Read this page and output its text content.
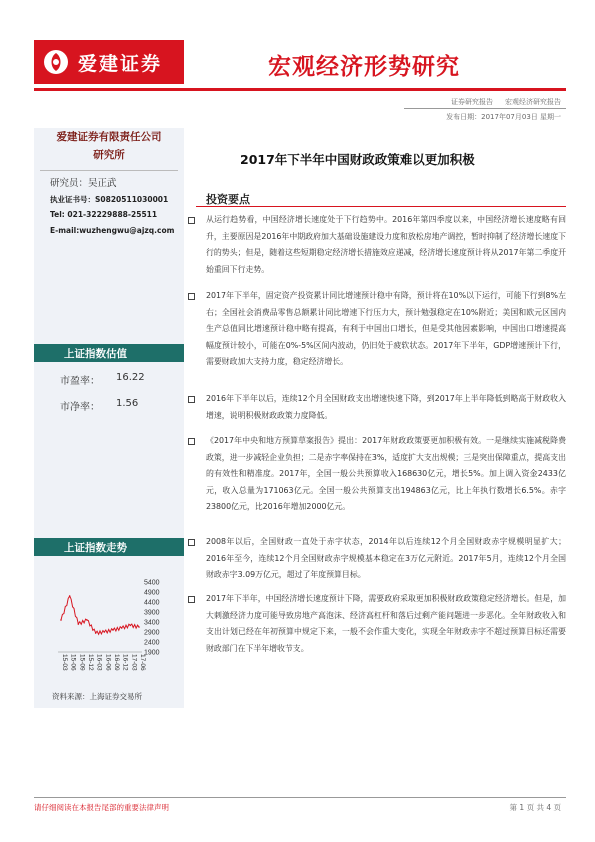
爱建证券	宏观经济形势研究
证券研究报告 宏观经济研究报告
发布日期：2017年07月03日 星期一
爱建证券有限责任公司
研究所
研究员：吴正武
执业证书号：S0820511030001
Tel: 021-32229888-25511
E-mail:wuzhengwu@ajzq.com
上证指数估值
市盈率： 16.22
市净率： 1.56
上证指数走势
1900
2400
2900
3400
3900
4400
4900
5400
15-03 15-06 15-09 15-12 16-03 16-06 16-09 16-12 17-03 17-06
资料来源：上海证券交易所
2017年下半年中国财政政策难以更加积极
投资要点
从运行趋势看，中国经济增长速度处于下行趋势中。2016年第四季度以来，中国经济增长速度略有回升，主要原因是2016年中期政府加大基础设施建设力度和放松房地产调控，暂时抑制了经济增长速度下行的势头；但是，随着这些短期稳定经济增长措施效应递减，经济增长速度预计将从2017年第二季度开始重回下行走势。
2017年下半年，固定资产投资累计同比增速预计稳中有降，预计将在10%以下运行，可能下行到8%左右；全国社会消费品零售总额累计同比增速下行压力大，预计勉强稳定在10%附近；美国和欧元区国内生产总值同比增速预计稳中略有提高，有利于中国出口增长，但是受其他因素影响，中国出口增速提高幅度预计较小，可能在0%-5%区间内波动，仍旧处于疲软状态。2017年下半年，GDP增速预计下行，需要财政加大支持力度，稳定经济增长。
2016年下半年以后，连续12个月全国财政支出增速快速下降，到2017年上半年降低到略高于财政收入增速，说明积极财政政策力度降低。
《2017年中央和地方预算草案报告》提出：2017年财政政策要更加积极有效。一是继续实施减税降费政策，进一步减轻企业负担；二是赤字率保持在3%，适度扩大支出规模；三是突出保障重点，提高支出的有效性和精准度。2017年，全国一般公共预算收入168630亿元，增长5%。加上调入资金2433亿元，收入总量为171063亿元。全国一般公共预算支出194863亿元，比上年执行数增长6.5%。赤字23800亿元，比2016年增加2000亿元。
2008年以后，全国财政一直处于赤字状态，2014年以后连续12个月全国财政赤字规模明显扩大；2016年至今，连续12个月全国财政赤字规模基本稳定在3万亿元附近。2017年5月，连续12个月全国财政赤字3.09万亿元，超过了年度预算目标。
2017年下半年，中国经济增长速度预计下降，需要政府采取更加积极财政政策稳定经济增长。但是，加大刺激经济力度可能导致房地产高泡沫、经济高杠杆和落后过剩产能问题进一步恶化。全年财政收入和支出计划已经在年初预算中规定下来，一般不会作重大变化，实现全年财政赤字不超过预算目标还需要财政部门在下半年增收节支。
请仔细阅读在本报告尾部的重要法律声明	第 1 页 共 4 页
